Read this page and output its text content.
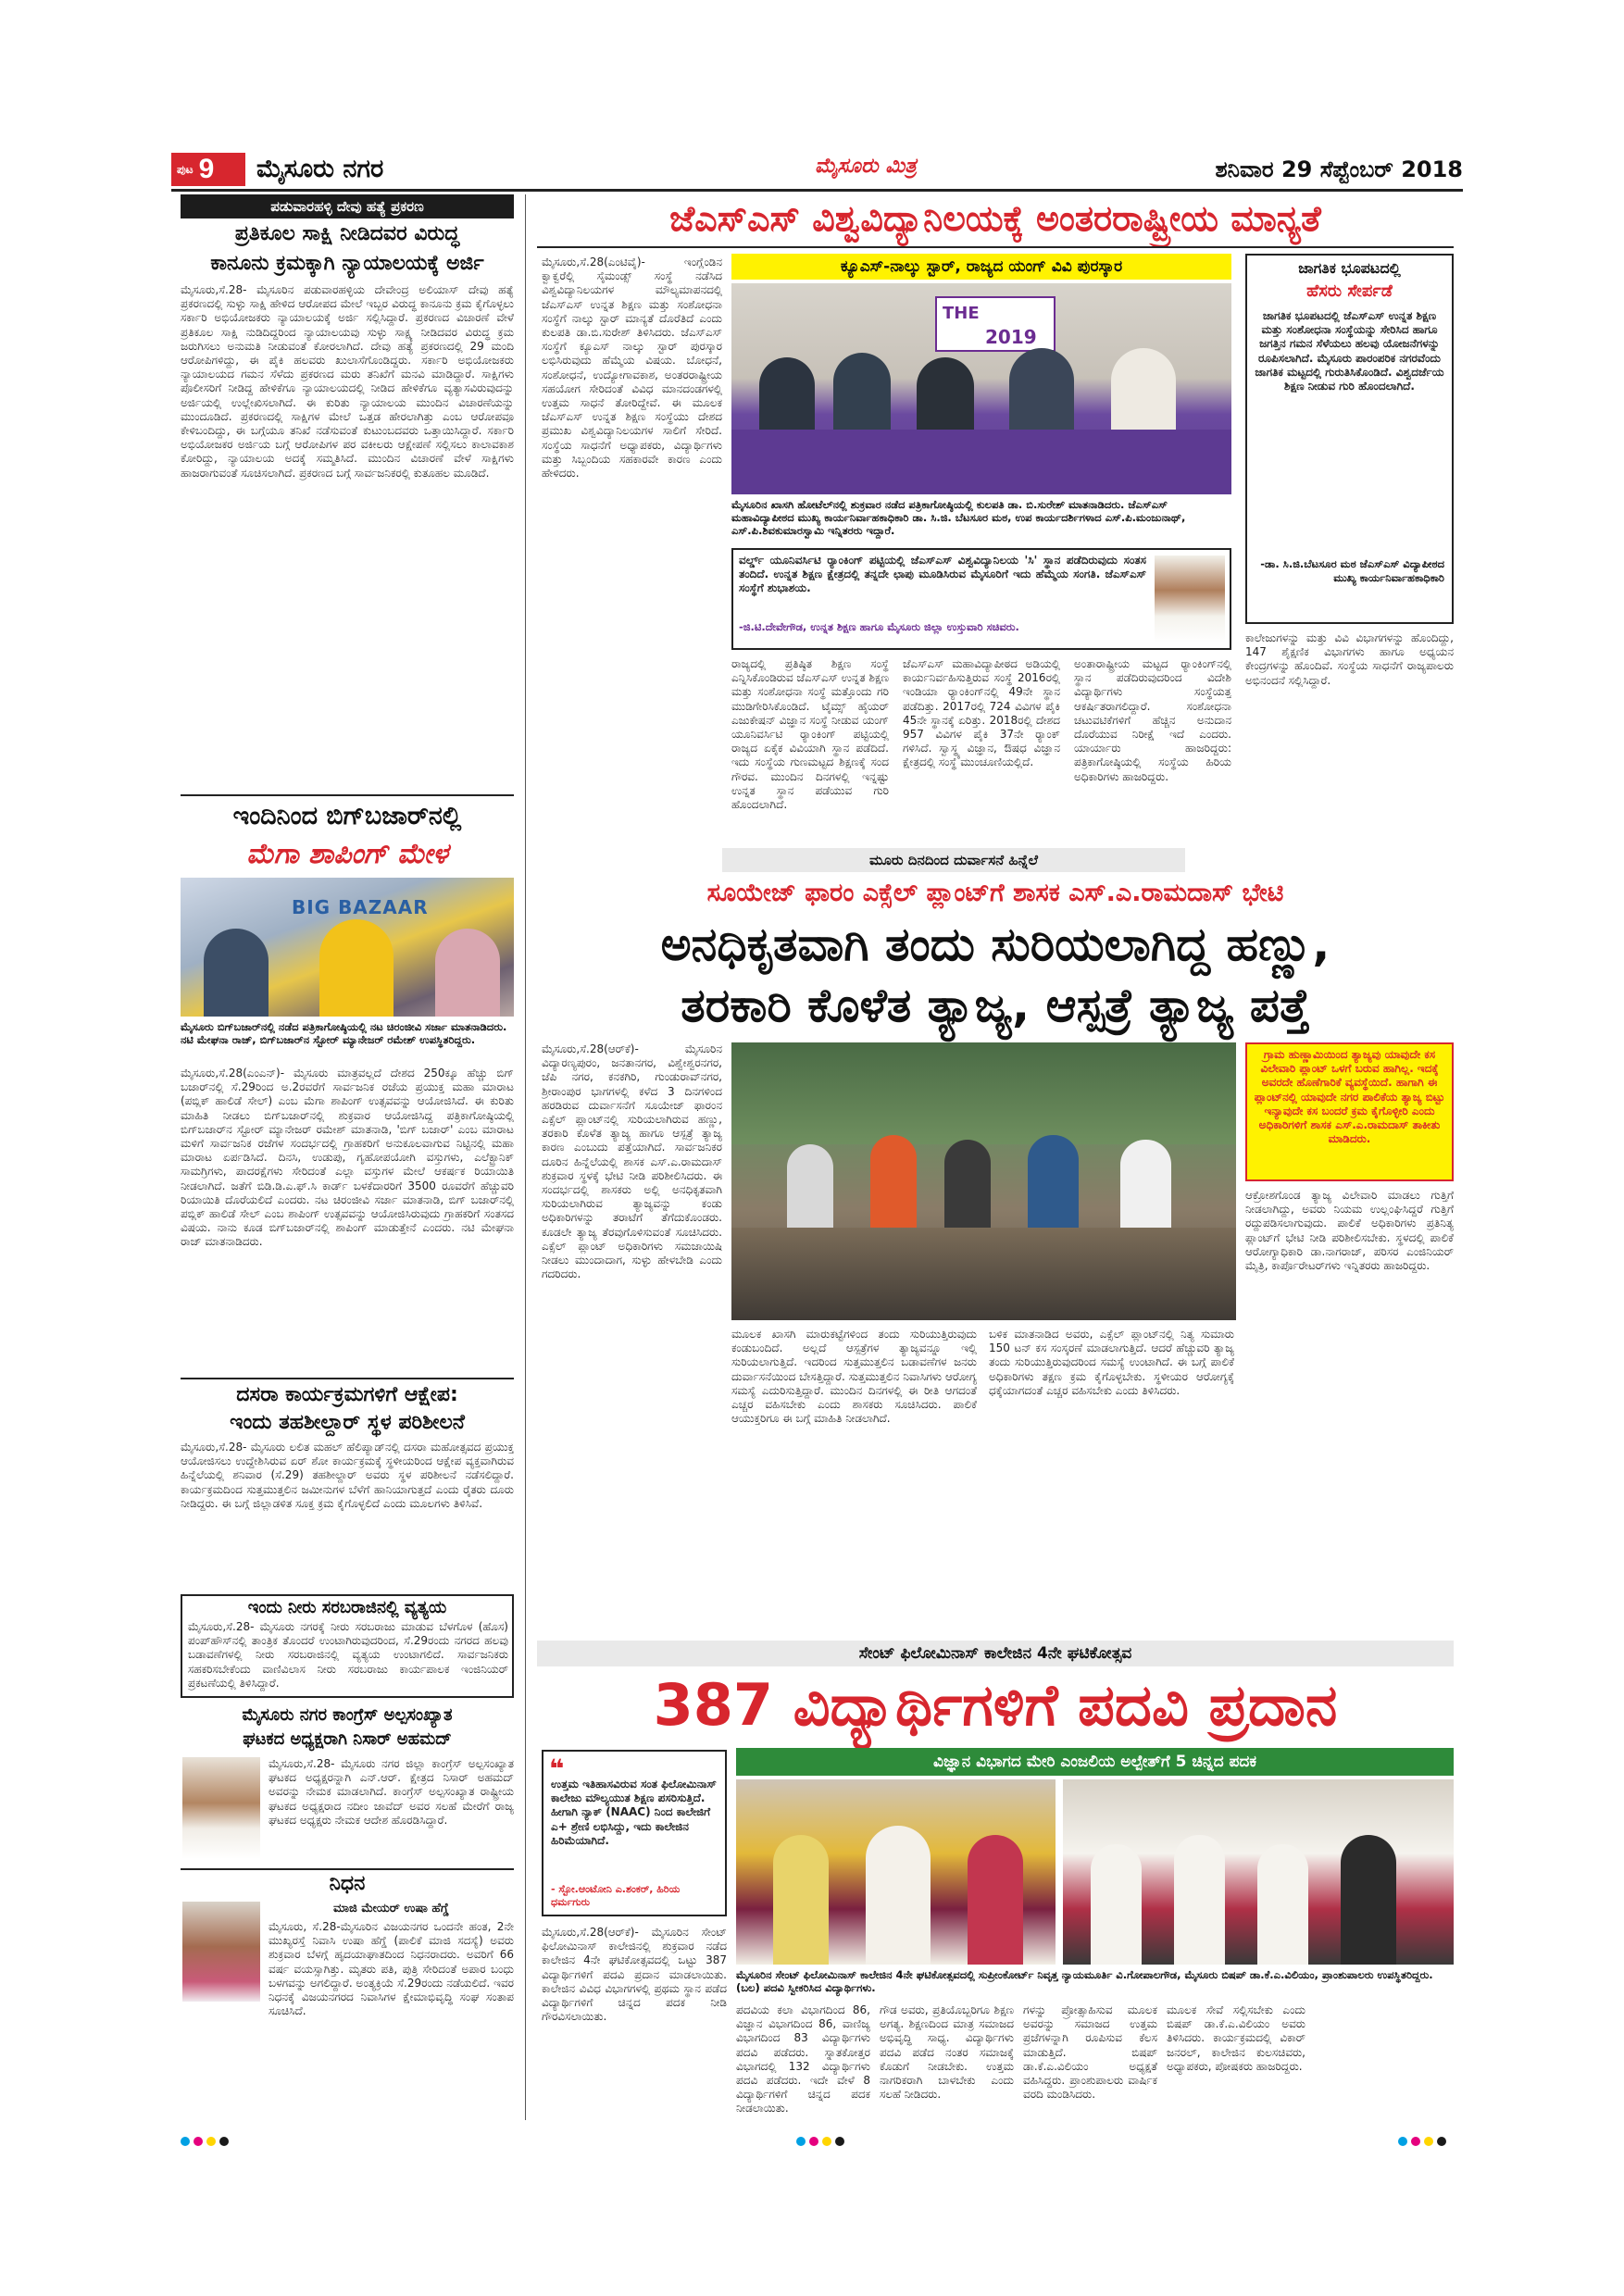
ಪುಟ 9 ಮೈಸೂರು ನಗರ	ಮೈಸೂರು ಮಿತ್ರ	ಶನಿವಾರ 29 ಸೆಪ್ಟೆಂಬರ್ 2018
ಪಡುವಾರಹಳ್ಳಿ ದೇವು ಹತ್ಯೆ ಪ್ರಕರಣ
ಪ್ರತಿಕೂಲ ಸಾಕ್ಷಿ ನೀಡಿದವರ ವಿರುದ್ಧ
ಕಾನೂನು ಕ್ರಮಕ್ಕಾಗಿ ನ್ಯಾಯಾಲಯಕ್ಕೆ ಅರ್ಜಿ
ಮೈಸೂರು,ಸೆ.28- ಮೈಸೂರಿನ ಪಡುವಾರಹಳ್ಳಿಯ ದೇವೇಂದ್ರ ಅಲಿಯಾಸ್ ದೇವು ಹತ್ಯೆ ಪ್ರಕರಣದಲ್ಲಿ ಸುಳ್ಳು ಸಾಕ್ಷಿ ಹೇಳಿದ ಆರೋಪದ ಮೇಲೆ ಇಬ್ಬರ ವಿರುದ್ಧ ಕಾನೂನು ಕ್ರಮ ಕೈಗೊಳ್ಳಲು ಸರ್ಕಾರಿ ಅಭಿಯೋಜಕರು ನ್ಯಾಯಾಲಯಕ್ಕೆ ಅರ್ಜಿ ಸಲ್ಲಿಸಿದ್ದಾರೆ. ಪ್ರಕರಣದ ವಿಚಾರಣೆ ವೇಳೆ ಪ್ರತಿಕೂಲ ಸಾಕ್ಷಿ ನುಡಿದಿದ್ದರಿಂದ ನ್ಯಾಯಾಲಯವು ಸುಳ್ಳು ಸಾಕ್ಷ್ಯ ನೀಡಿದವರ ವಿರುದ್ಧ ಕ್ರಮ ಜರುಗಿಸಲು ಅನುಮತಿ ನೀಡುವಂತೆ ಕೋರಲಾಗಿದೆ. ದೇವು ಹತ್ಯೆ ಪ್ರಕರಣದಲ್ಲಿ 29 ಮಂದಿ ಆರೋಪಿಗಳಿದ್ದು, ಈ ಪೈಕಿ ಹಲವರು ಖುಲಾಸೆಗೊಂಡಿದ್ದರು. ಸರ್ಕಾರಿ ಅಭಿಯೋಜಕರು ನ್ಯಾಯಾಲಯದ ಗಮನ ಸೆಳೆದು ಪ್ರಕರಣದ ಮರು ತನಿಖೆಗೆ ಮನವಿ ಮಾಡಿದ್ದಾರೆ. ಸಾಕ್ಷಿಗಳು ಪೊಲೀಸರಿಗೆ ನೀಡಿದ್ದ ಹೇಳಿಕೆಗೂ ನ್ಯಾಯಾಲಯದಲ್ಲಿ ನೀಡಿದ ಹೇಳಿಕೆಗೂ ವ್ಯತ್ಯಾಸವಿರುವುದನ್ನು ಅರ್ಜಿಯಲ್ಲಿ ಉಲ್ಲೇಖಿಸಲಾಗಿದೆ. ಈ ಕುರಿತು ನ್ಯಾಯಾಲಯ ಮುಂದಿನ ವಿಚಾರಣೆಯನ್ನು ಮುಂದೂಡಿದೆ. ಪ್ರಕರಣದಲ್ಲಿ ಸಾಕ್ಷಿಗಳ ಮೇಲೆ ಒತ್ತಡ ಹೇರಲಾಗಿತ್ತು ಎಂಬ ಆರೋಪವೂ ಕೇಳಿಬಂದಿದ್ದು, ಈ ಬಗ್ಗೆಯೂ ತನಿಖೆ ನಡೆಸುವಂತೆ ಕುಟುಂಬದವರು ಒತ್ತಾಯಿಸಿದ್ದಾರೆ. ಸರ್ಕಾರಿ ಅಭಿಯೋಜಕರ ಅರ್ಜಿಯ ಬಗ್ಗೆ ಆರೋಪಿಗಳ ಪರ ವಕೀಲರು ಆಕ್ಷೇಪಣೆ ಸಲ್ಲಿಸಲು ಕಾಲಾವಕಾಶ ಕೋರಿದ್ದು, ನ್ಯಾಯಾಲಯ ಅದಕ್ಕೆ ಸಮ್ಮತಿಸಿದೆ. ಮುಂದಿನ ವಿಚಾರಣೆ ವೇಳೆ ಸಾಕ್ಷಿಗಳು ಹಾಜರಾಗುವಂತೆ ಸೂಚಿಸಲಾಗಿದೆ. ಪ್ರಕರಣದ ಬಗ್ಗೆ ಸಾರ್ವಜನಿಕರಲ್ಲಿ ಕುತೂಹಲ ಮೂಡಿದೆ.
ಇಂದಿನಿಂದ ಬಿಗ್‌ಬಜಾರ್‌ನಲ್ಲಿ
ಮೆಗಾ ಶಾಪಿಂಗ್ ಮೇಳ
BIG BAZAAR
ಮೈಸೂರು ಬಿಗ್‌ಬಜಾರ್‌ನಲ್ಲಿ ನಡೆದ ಪತ್ರಿಕಾಗೋಷ್ಠಿಯಲ್ಲಿ ನಟ ಚಿರಂಜೀವಿ ಸರ್ಜಾ ಮಾತನಾಡಿದರು. ನಟಿ ಮೇಘನಾ ರಾಜ್, ಬಿಗ್‌ಬಜಾರ್‌ನ ಸ್ಟೋರ್ ಮ್ಯಾನೇಜರ್ ರಮೇಶ್ ಉಪಸ್ಥಿತರಿದ್ದರು.
ಮೈಸೂರು,ಸೆ.28(ಎಂಎನ್‌)- ಮೈಸೂರು ಮಾತ್ರವಲ್ಲದೆ ದೇಶದ 250ಕ್ಕೂ ಹೆಚ್ಚು ಬಿಗ್ ಬಜಾರ್‌ನಲ್ಲಿ ಸೆ.29ರಿಂದ ಅ.2ರವರೆಗೆ ಸಾರ್ವಜನಿಕ ರಜೆಯ ಪ್ರಯುಕ್ತ ಮಹಾ ಮಾರಾಟ (ಪಬ್ಲಿಕ್ ಹಾಲಿಡೆ ಸೇಲ್) ಎಂಬ ಮೆಗಾ ಶಾಪಿಂಗ್ ಉತ್ಸವವನ್ನು ಆಯೋಜಿಸಿದೆ. ಈ ಕುರಿತು ಮಾಹಿತಿ ನೀಡಲು ಬಿಗ್‌ಬಜಾರ್‌ನಲ್ಲಿ ಶುಕ್ರವಾರ ಆಯೋಜಿಸಿದ್ದ ಪತ್ರಿಕಾಗೋಷ್ಠಿಯಲ್ಲಿ ಬಿಗ್‌ಬಜಾರ್‌ನ ಸ್ಟೋರ್ ಮ್ಯಾನೇಜರ್ ರಮೇಶ್ ಮಾತನಾಡಿ, 'ಬಿಗ್ ಬಜಾರ್' ಎಂಬ ಮಾರಾಟ ಮಳಿಗೆ ಸಾರ್ವಜನಿಕ ರಜೆಗಳ ಸಂದರ್ಭದಲ್ಲಿ ಗ್ರಾಹಕರಿಗೆ ಅನುಕೂಲವಾಗುವ ನಿಟ್ಟಿನಲ್ಲಿ ಮಹಾ ಮಾರಾಟ ಏರ್ಪಡಿಸಿದೆ. ದಿನಸಿ, ಉಡುಪು, ಗೃಹೋಪಯೋಗಿ ವಸ್ತುಗಳು, ಎಲೆಕ್ಟ್ರಾನಿಕ್ ಸಾಮಗ್ರಿಗಳು, ಪಾದರಕ್ಷೆಗಳು ಸೇರಿದಂತೆ ಎಲ್ಲಾ ವಸ್ತುಗಳ ಮೇಲೆ ಆಕರ್ಷಕ ರಿಯಾಯಿತಿ ನೀಡಲಾಗಿದೆ. ಜತೆಗೆ ಬಿಡಿ.ಡಿ.ಎ.ಫ್.ಸಿ ಕಾರ್ಡ್ ಬಳಕೆದಾರರಿಗೆ 3500 ರೂವರೆಗೆ ಹೆಚ್ಚುವರಿ ರಿಯಾಯಿತಿ ದೊರೆಯಲಿದೆ ಎಂದರು. ನಟ ಚಿರಂಜೀವಿ ಸರ್ಜಾ ಮಾತನಾಡಿ, ಬಿಗ್ ಬಜಾರ್‌ನಲ್ಲಿ ಪಬ್ಲಿಕ್ ಹಾಲಿಡೆ ಸೇಲ್ ಎಂಬ ಶಾಪಿಂಗ್ ಉತ್ಸವವನ್ನು ಆಯೋಜಿಸಿರುವುದು ಗ್ರಾಹಕರಿಗೆ ಸಂತಸದ ವಿಷಯ. ನಾನು ಕೂಡ ಬಿಗ್‌ಬಜಾರ್‌ನಲ್ಲಿ ಶಾಪಿಂಗ್ ಮಾಡುತ್ತೇನೆ ಎಂದರು. ನಟಿ ಮೇಘನಾ ರಾಜ್ ಮಾತನಾಡಿದರು.
ದಸರಾ ಕಾರ್ಯಕ್ರಮಗಳಿಗೆ ಆಕ್ಷೇಪ:
ಇಂದು ತಹಶೀಲ್ದಾರ್ ಸ್ಥಳ ಪರಿಶೀಲನೆ
ಮೈಸೂರು,ಸೆ.28- ಮೈಸೂರು ಲಲಿತ ಮಹಲ್ ಹೆಲಿಪ್ಯಾಡ್‌ನಲ್ಲಿ ದಸರಾ ಮಹೋತ್ಸವದ ಪ್ರಯುಕ್ತ ಆಯೋಜಿಸಲು ಉದ್ದೇಶಿಸಿರುವ ಏರ್ ಶೋ ಕಾರ್ಯಕ್ರಮಕ್ಕೆ ಸ್ಥಳೀಯರಿಂದ ಆಕ್ಷೇಪ ವ್ಯಕ್ತವಾಗಿರುವ ಹಿನ್ನೆಲೆಯಲ್ಲಿ ಶನಿವಾರ (ಸೆ.29) ತಹಶೀಲ್ದಾರ್ ಅವರು ಸ್ಥಳ ಪರಿಶೀಲನೆ ನಡೆಸಲಿದ್ದಾರೆ. ಕಾರ್ಯಕ್ರಮದಿಂದ ಸುತ್ತಮುತ್ತಲಿನ ಜಮೀನುಗಳ ಬೆಳೆಗೆ ಹಾನಿಯಾಗುತ್ತದೆ ಎಂದು ರೈತರು ದೂರು ನೀಡಿದ್ದರು. ಈ ಬಗ್ಗೆ ಜಿಲ್ಲಾಡಳಿತ ಸೂಕ್ತ ಕ್ರಮ ಕೈಗೊಳ್ಳಲಿದೆ ಎಂದು ಮೂಲಗಳು ತಿಳಿಸಿವೆ.
ಇಂದು ನೀರು ಸರಬರಾಜಿನಲ್ಲಿ ವ್ಯತ್ಯಯ
ಮೈಸೂರು,ಸೆ.28- ಮೈಸೂರು ನಗರಕ್ಕೆ ನೀರು ಸರಬರಾಜು ಮಾಡುವ ಬೆಳಗೊಳ (ಹೊಸ) ಪಂಪ್‌ಹೌಸ್‌ನಲ್ಲಿ ತಾಂತ್ರಿಕ ತೊಂದರೆ ಉಂಟಾಗಿರುವುದರಿಂದ, ಸೆ.29ರಂದು ನಗರದ ಹಲವು ಬಡಾವಣೆಗಳಲ್ಲಿ ನೀರು ಸರಬರಾಜಿನಲ್ಲಿ ವ್ಯತ್ಯಯ ಉಂಟಾಗಲಿದೆ. ಸಾರ್ವಜನಿಕರು ಸಹಕರಿಸಬೇಕೆಂದು ವಾಣಿವಿಲಾಸ ನೀರು ಸರಬರಾಜು ಕಾರ್ಯಪಾಲಕ ಇಂಜಿನಿಯರ್ ಪ್ರಕಟಣೆಯಲ್ಲಿ ತಿಳಿಸಿದ್ದಾರೆ.
ಮೈಸೂರು ನಗರ ಕಾಂಗ್ರೆಸ್ ಅಲ್ಪಸಂಖ್ಯಾತ
ಘಟಕದ ಅಧ್ಯಕ್ಷರಾಗಿ ನಿಸಾರ್ ಅಹಮದ್
ಮೈಸೂರು,ಸೆ.28- ಮೈಸೂರು ನಗರ ಜಿಲ್ಲಾ ಕಾಂಗ್ರೆಸ್ ಅಲ್ಪಸಂಖ್ಯಾತ ಘಟಕದ ಅಧ್ಯಕ್ಷರನ್ನಾಗಿ ಎನ್.ಆರ್. ಕ್ಷೇತ್ರದ ನಿಸಾರ್ ಅಹಮದ್ ಅವರನ್ನು ನೇಮಕ ಮಾಡಲಾಗಿದೆ. ಕಾಂಗ್ರೆಸ್ ಅಲ್ಪಸಂಖ್ಯಾತ ರಾಷ್ಟ್ರೀಯ ಘಟಕದ ಅಧ್ಯಕ್ಷರಾದ ನದೀಂ ಜಾವೆದ್ ಅವರ ಸಲಹೆ ಮೇರೆಗೆ ರಾಜ್ಯ ಘಟಕದ ಅಧ್ಯಕ್ಷರು ನೇಮಕ ಆದೇಶ ಹೊರಡಿಸಿದ್ದಾರೆ.
ನಿಧನ
ಮಾಜಿ ಮೇಯರ್ ಉಷಾ ಹೆಗ್ಡೆ
ಮೈಸೂರು, ಸೆ.28-ಮೈಸೂರಿನ ವಿಜಯನಗರ ಒಂದನೇ ಹಂತ, 2ನೇ ಮುಖ್ಯರಸ್ತೆ ನಿವಾಸಿ ಉಷಾ ಹೆಗ್ಡೆ (ಪಾಲಿಕೆ ಮಾಜಿ ಸದಸ್ಯೆ) ಅವರು ಶುಕ್ರವಾರ ಬೆಳಗ್ಗೆ ಹೃದಯಾಘಾತದಿಂದ ನಿಧನರಾದರು. ಅವರಿಗೆ 66 ವರ್ಷ ವಯಸ್ಸಾಗಿತ್ತು. ಮೃತರು ಪತಿ, ಪುತ್ರಿ ಸೇರಿದಂತೆ ಅಪಾರ ಬಂಧು ಬಳಗವನ್ನು ಅಗಲಿದ್ದಾರೆ. ಅಂತ್ಯಕ್ರಿಯೆ ಸೆ.29ರಂದು ನಡೆಯಲಿದೆ. ಇವರ ನಿಧನಕ್ಕೆ ವಿಜಯನಗರದ ನಿವಾಸಿಗಳ ಕ್ಷೇಮಾಭಿವೃದ್ಧಿ ಸಂಘ ಸಂತಾಪ ಸೂಚಿಸಿದೆ.
ಜೆಎಸ್‌ಎಸ್ ವಿಶ್ವವಿದ್ಯಾನಿಲಯಕ್ಕೆ ಅಂತರರಾಷ್ಟ್ರೀಯ ಮಾನ್ಯತೆ
ಕ್ಯೂಎಸ್-ನಾಲ್ಕು ಸ್ಟಾರ್, ರಾಜ್ಯದ ಯಂಗ್ ವಿವಿ ಪುರಸ್ಕಾರ
THE
2019
ಮೈಸೂರಿನ ಖಾಸಗಿ ಹೋಟೆಲ್‌ನಲ್ಲಿ ಶುಕ್ರವಾರ ನಡೆದ ಪತ್ರಿಕಾಗೋಷ್ಠಿಯಲ್ಲಿ ಕುಲಪತಿ ಡಾ. ಬಿ.ಸುರೇಶ್ ಮಾತನಾಡಿದರು. ಜೆಎಸ್‌ಎಸ್ ಮಹಾವಿದ್ಯಾಪೀಠದ ಮುಖ್ಯ ಕಾರ್ಯನಿರ್ವಾಹಕಾಧಿಕಾರಿ ಡಾ. ಸಿ.ಜಿ. ಬೆಟಸೂರ ಮಠ, ಉಪ ಕಾರ್ಯದರ್ಶಿಗಳಾದ ಎಸ್.ಪಿ.ಮಂಜುನಾಥ್, ಎಸ್.ಪಿ.ಶಿವಕುಮಾರಸ್ವಾಮಿ ಇನ್ನಿತರರು ಇದ್ದಾರೆ.
ಮೈಸೂರು,ಸೆ.28(ಎಂಟಿವೈ)- ಇಂಗ್ಲೆಂಡಿನ ಕ್ವಾಕ್ವರೆಲ್ಲಿ ಸೈಮಂಡ್ಸ್ ಸಂಸ್ಥೆ ನಡೆಸಿದ ವಿಶ್ವವಿದ್ಯಾನಿಲಯಗಳ ಮೌಲ್ಯಮಾಪನದಲ್ಲಿ ಜೆಎಸ್‌ಎಸ್ ಉನ್ನತ ಶಿಕ್ಷಣ ಮತ್ತು ಸಂಶೋಧನಾ ಸಂಸ್ಥೆಗೆ ನಾಲ್ಕು ಸ್ಟಾರ್ ಮಾನ್ಯತೆ ದೊರೆತಿದೆ ಎಂದು ಕುಲಪತಿ ಡಾ.ಬಿ.ಸುರೇಶ್ ತಿಳಿಸಿದರು. ಜೆಎಸ್‌ಎಸ್ ಸಂಸ್ಥೆಗೆ ಕ್ಯೂಎಸ್ ನಾಲ್ಕು ಸ್ಟಾರ್ ಪುರಸ್ಕಾರ ಲಭಿಸಿರುವುದು ಹೆಮ್ಮೆಯ ವಿಷಯ. ಬೋಧನೆ, ಸಂಶೋಧನೆ, ಉದ್ಯೋಗಾವಕಾಶ, ಅಂತರರಾಷ್ಟ್ರೀಯ ಸಹಯೋಗ ಸೇರಿದಂತೆ ವಿವಿಧ ಮಾನದಂಡಗಳಲ್ಲಿ ಉತ್ತಮ ಸಾಧನೆ ತೋರಿದ್ದೇವೆ. ಈ ಮೂಲಕ ಜೆಎಸ್‌ಎಸ್ ಉನ್ನತ ಶಿಕ್ಷಣ ಸಂಸ್ಥೆಯು ದೇಶದ ಪ್ರಮುಖ ವಿಶ್ವವಿದ್ಯಾನಿಲಯಗಳ ಸಾಲಿಗೆ ಸೇರಿದೆ. ಸಂಸ್ಥೆಯ ಸಾಧನೆಗೆ ಅಧ್ಯಾಪಕರು, ವಿದ್ಯಾರ್ಥಿಗಳು ಮತ್ತು ಸಿಬ್ಬಂದಿಯ ಸಹಕಾರವೇ ಕಾರಣ ಎಂದು ಹೇಳಿದರು.
ವರ್ಲ್ಡ್ ಯೂನಿವರ್ಸಿಟಿ ರ‍್ಯಾಂಕಿಂಗ್ ಪಟ್ಟಿಯಲ್ಲಿ ಜೆಎಸ್‌ಎಸ್ ವಿಶ್ವವಿದ್ಯಾನಿಲಯ 'ಸಿ' ಸ್ಥಾನ ಪಡೆದಿರುವುದು ಸಂತಸ ತಂದಿದೆ. ಉನ್ನತ ಶಿಕ್ಷಣ ಕ್ಷೇತ್ರದಲ್ಲಿ ತನ್ನದೇ ಛಾಪು ಮೂಡಿಸಿರುವ ಮೈಸೂರಿಗೆ ಇದು ಹೆಮ್ಮೆಯ ಸಂಗತಿ. ಜೆಎಸ್‌ಎಸ್ ಸಂಸ್ಥೆಗೆ ಶುಭಾಶಯ.
-ಜಿ.ಟಿ.ದೇವೇಗೌಡ, ಉನ್ನತ ಶಿಕ್ಷಣ ಹಾಗೂ ಮೈಸೂರು ಜಿಲ್ಲಾ ಉಸ್ತುವಾರಿ ಸಚಿವರು.
ರಾಜ್ಯದಲ್ಲಿ ಪ್ರತಿಷ್ಠಿತ ಶಿಕ್ಷಣ ಸಂಸ್ಥೆ ಎನ್ನಿಸಿಕೊಂಡಿರುವ ಜೆಎಸ್‌ಎಸ್ ಉನ್ನತ ಶಿಕ್ಷಣ ಮತ್ತು ಸಂಶೋಧನಾ ಸಂಸ್ಥೆ ಮತ್ತೊಂದು ಗರಿ ಮುಡಿಗೇರಿಸಿಕೊಂಡಿದೆ. ಟೈಮ್ಸ್ ಹೈಯರ್ ಎಜುಕೇಷನ್ ವಿಜ್ಞಾನ ಸಂಸ್ಥೆ ನೀಡುವ ಯಂಗ್ ಯೂನಿವರ್ಸಿಟಿ ರ‍್ಯಾಂಕಿಂಗ್ ಪಟ್ಟಿಯಲ್ಲಿ ರಾಜ್ಯದ ಏಕೈಕ ವಿವಿಯಾಗಿ ಸ್ಥಾನ ಪಡೆದಿದೆ. ಇದು ಸಂಸ್ಥೆಯ ಗುಣಮಟ್ಟದ ಶಿಕ್ಷಣಕ್ಕೆ ಸಂದ ಗೌರವ. ಮುಂದಿನ ದಿನಗಳಲ್ಲಿ ಇನ್ನಷ್ಟು ಉನ್ನತ ಸ್ಥಾನ ಪಡೆಯುವ ಗುರಿ ಹೊಂದಲಾಗಿದೆ.
ಜೆಎಸ್‌ಎಸ್ ಮಹಾವಿದ್ಯಾಪೀಠದ ಅಡಿಯಲ್ಲಿ ಕಾರ್ಯನಿರ್ವಹಿಸುತ್ತಿರುವ ಸಂಸ್ಥೆ 2016ರಲ್ಲಿ ಇಂಡಿಯಾ ರ‍್ಯಾಂಕಿಂಗ್‌ನಲ್ಲಿ 49ನೇ ಸ್ಥಾನ ಪಡೆದಿತ್ತು. 2017ರಲ್ಲಿ 724 ವಿವಿಗಳ ಪೈಕಿ 45ನೇ ಸ್ಥಾನಕ್ಕೆ ಏರಿತ್ತು. 2018ರಲ್ಲಿ ದೇಶದ 957 ವಿವಿಗಳ ಪೈಕಿ 37ನೇ ರ‍್ಯಾಂಕ್ ಗಳಿಸಿದೆ. ಸ್ವಾಸ್ಥ್ಯ ವಿಜ್ಞಾನ, ಔಷಧ ವಿಜ್ಞಾನ ಕ್ಷೇತ್ರದಲ್ಲಿ ಸಂಸ್ಥೆ ಮುಂಚೂಣಿಯಲ್ಲಿದೆ.
ಅಂತಾರಾಷ್ಟ್ರೀಯ ಮಟ್ಟದ ರ‍್ಯಾಂಕಿಂಗ್‌ನಲ್ಲಿ ಸ್ಥಾನ ಪಡೆದಿರುವುದರಿಂದ ವಿದೇಶಿ ವಿದ್ಯಾರ್ಥಿಗಳು ಸಂಸ್ಥೆಯತ್ತ ಆಕರ್ಷಿತರಾಗಲಿದ್ದಾರೆ. ಸಂಶೋಧನಾ ಚಟುವಟಿಕೆಗಳಿಗೆ ಹೆಚ್ಚಿನ ಅನುದಾನ ದೊರೆಯುವ ನಿರೀಕ್ಷೆ ಇದೆ ಎಂದರು. ಯಾರ್ಯಾರು ಹಾಜರಿದ್ದರು: ಪತ್ರಿಕಾಗೋಷ್ಠಿಯಲ್ಲಿ ಸಂಸ್ಥೆಯ ಹಿರಿಯ ಅಧಿಕಾರಿಗಳು ಹಾಜರಿದ್ದರು.
ಜಾಗತಿಕ ಭೂಪಟದಲ್ಲಿ
ಹೆಸರು ಸೇರ್ಪಡೆ
ಜಾಗತಿಕ ಭೂಪಟದಲ್ಲಿ ಜೆಎಸ್‌ಎಸ್ ಉನ್ನತ ಶಿಕ್ಷಣ ಮತ್ತು ಸಂಶೋಧನಾ ಸಂಸ್ಥೆಯನ್ನು ಸೇರಿಸಿದ ಹಾಗೂ ಜಗತ್ತಿನ ಗಮನ ಸೆಳೆಯಲು ಹಲವು ಯೋಜನೆಗಳನ್ನು ರೂಪಿಸಲಾಗಿದೆ. ಮೈಸೂರು ಪಾರಂಪರಿಕ ನಗರವೆಂದು ಜಾಗತಿಕ ಮಟ್ಟದಲ್ಲಿ ಗುರುತಿಸಿಕೊಂಡಿದೆ. ವಿಶ್ವದರ್ಜೆಯ ಶಿಕ್ಷಣ ನೀಡುವ ಗುರಿ ಹೊಂದಲಾಗಿದೆ.
-ಡಾ. ಸಿ.ಜಿ.ಬೆಟಸೂರ ಮಠ ಜೆಎಸ್‌ಎಸ್ ವಿದ್ಯಾಪೀಠದ ಮುಖ್ಯ ಕಾರ್ಯನಿರ್ವಾಹಕಾಧಿಕಾರಿ
ಕಾಲೇಜುಗಳನ್ನು ಮತ್ತು ವಿವಿ ವಿಭಾಗಗಳನ್ನು ಹೊಂದಿದ್ದು, 147 ಶೈಕ್ಷಣಿಕ ವಿಭಾಗಗಳು ಹಾಗೂ ಅಧ್ಯಯನ ಕೇಂದ್ರಗಳನ್ನು ಹೊಂದಿವೆ. ಸಂಸ್ಥೆಯ ಸಾಧನೆಗೆ ರಾಜ್ಯಪಾಲರು ಅಭಿನಂದನೆ ಸಲ್ಲಿಸಿದ್ದಾರೆ.
ಮೂರು ದಿನದಿಂದ ದುರ್ವಾಸನೆ ಹಿನ್ನೆಲೆ
ಸೂಯೇಜ್ ಫಾರಂ ಎಕ್ಸೆಲ್ ಪ್ಲಾಂಟ್‌ಗೆ ಶಾಸಕ ಎಸ್.ಎ.ರಾಮದಾಸ್ ಭೇಟಿ
ಅನಧಿಕೃತವಾಗಿ ತಂದು ಸುರಿಯಲಾಗಿದ್ದ ಹಣ್ಣು,
ತರಕಾರಿ ಕೊಳೆತ ತ್ಯಾಜ್ಯ, ಆಸ್ಪತ್ರೆ ತ್ಯಾಜ್ಯ ಪತ್ತೆ
ಮೈಸೂರು,ಸೆ.28(ಆರ್‌ಕೆ)- ಮೈಸೂರಿನ ವಿದ್ಯಾರಣ್ಯಪುರಂ, ಜನತಾನಗರ, ವಿಶ್ವೇಶ್ವರನಗರ, ಜೆಪಿ ನಗರ, ಕನಕಗಿರಿ, ಗುಂಡುರಾವ್‌ನಗರ, ಶ್ರೀರಾಂಪುರ ಭಾಗಗಳಲ್ಲಿ ಕಳೆದ 3 ದಿನಗಳಿಂದ ಹರಡಿರುವ ದುರ್ವಾಸನೆಗೆ ಸೂಯೇಜ್ ಫಾರಂನ ಎಕ್ಸೆಲ್ ಪ್ಲಾಂಟ್‌ನಲ್ಲಿ ಸುರಿಯಲಾಗಿರುವ ಹಣ್ಣು, ತರಕಾರಿ ಕೊಳೆತ ತ್ಯಾಜ್ಯ ಹಾಗೂ ಆಸ್ಪತ್ರೆ ತ್ಯಾಜ್ಯ ಕಾರಣ ಎಂಬುದು ಪತ್ತೆಯಾಗಿದೆ. ಸಾರ್ವಜನಿಕರ ದೂರಿನ ಹಿನ್ನೆಲೆಯಲ್ಲಿ ಶಾಸಕ ಎಸ್.ಎ.ರಾಮದಾಸ್ ಶುಕ್ರವಾರ ಸ್ಥಳಕ್ಕೆ ಭೇಟಿ ನೀಡಿ ಪರಿಶೀಲಿಸಿದರು. ಈ ಸಂದರ್ಭದಲ್ಲಿ ಶಾಸಕರು ಅಲ್ಲಿ ಅನಧಿಕೃತವಾಗಿ ಸುರಿಯಲಾಗಿರುವ ತ್ಯಾಜ್ಯವನ್ನು ಕಂಡು ಅಧಿಕಾರಿಗಳನ್ನು ತರಾಟೆಗೆ ತೆಗೆದುಕೊಂಡರು. ಕೂಡಲೇ ತ್ಯಾಜ್ಯ ತೆರವುಗೊಳಿಸುವಂತೆ ಸೂಚಿಸಿದರು. ಎಕ್ಸೆಲ್ ಪ್ಲಾಂಟ್ ಅಧಿಕಾರಿಗಳು ಸಮಜಾಯಿಷಿ ನೀಡಲು ಮುಂದಾದಾಗ, ಸುಳ್ಳು ಹೇಳಬೇಡಿ ಎಂದು ಗದರಿದರು.
ಗ್ರಾಮ ಹುಣ್ಣಾಮಿಯಿಂದ ತ್ಯಾಜ್ಯವು ಯಾವುದೇ ಕಸ ವಿಲೇವಾರಿ ಪ್ಲಾಂಟ್ ಒಳಗೆ ಬರುವ ಹಾಗಿಲ್ಲ. ಇದಕ್ಕೆ ಅವರದೇ ಹೊಣೆಗಾರಿಕೆ ವ್ಯವಸ್ಥೆಯಿದೆ. ಹಾಗಾಗಿ ಈ ಪ್ಲಾಂಟ್‌ನಲ್ಲಿ ಯಾವುದೇ ನಗರ ಪಾಲಿಕೆಯ ತ್ಯಾಜ್ಯ ಬಿಟ್ಟು ಇನ್ಯಾವುದೇ ಕಸ ಬಂದರೆ ಕ್ರಮ ಕೈಗೊಳ್ಳೀರಿ ಎಂದು ಅಧಿಕಾರಿಗಳಿಗೆ ಶಾಸಕ ಎಸ್.ಎ.ರಾಮದಾಸ್ ತಾಕೀತು ಮಾಡಿದರು.
ಆಕ್ರೋಶಗೊಂಡ ತ್ಯಾಜ್ಯ ವಿಲೇವಾರಿ ಮಾಡಲು ಗುತ್ತಿಗೆ ನೀಡಲಾಗಿದ್ದು, ಅವರು ನಿಯಮ ಉಲ್ಲಂಘಿಸಿದ್ದರೆ ಗುತ್ತಿಗೆ ರದ್ದುಪಡಿಸಲಾಗುವುದು. ಪಾಲಿಕೆ ಅಧಿಕಾರಿಗಳು ಪ್ರತಿನಿತ್ಯ ಪ್ಲಾಂಟ್‌ಗೆ ಭೇಟಿ ನೀಡಿ ಪರಿಶೀಲಿಸಬೇಕು. ಸ್ಥಳದಲ್ಲಿ ಪಾಲಿಕೆ ಆರೋಗ್ಯಾಧಿಕಾರಿ ಡಾ.ನಾಗರಾಜ್, ಪರಿಸರ ಎಂಜಿನಿಯರ್ ಮೈತ್ರಿ, ಕಾರ್ಪೊರೇಟರ್‌ಗಳು ಇನ್ನಿತರರು ಹಾಜರಿದ್ದರು.
ಮೂಲಕ ಖಾಸಗಿ ಮಾರುಕಟ್ಟೆಗಳಿಂದ ತಂದು ಸುರಿಯುತ್ತಿರುವುದು ಕಂಡುಬಂದಿದೆ. ಅಲ್ಲದೆ ಆಸ್ಪತ್ರೆಗಳ ತ್ಯಾಜ್ಯವನ್ನೂ ಇಲ್ಲಿ ಸುರಿಯಲಾಗುತ್ತಿದೆ. ಇದರಿಂದ ಸುತ್ತಮುತ್ತಲಿನ ಬಡಾವಣೆಗಳ ಜನರು ದುರ್ವಾಸನೆಯಿಂದ ಬೇಸತ್ತಿದ್ದಾರೆ. ಸುತ್ತಮುತ್ತಲಿನ ನಿವಾಸಿಗಳು ಆರೋಗ್ಯ ಸಮಸ್ಯೆ ಎದುರಿಸುತ್ತಿದ್ದಾರೆ. ಮುಂದಿನ ದಿನಗಳಲ್ಲಿ ಈ ರೀತಿ ಆಗದಂತೆ ಎಚ್ಚರ ವಹಿಸಬೇಕು ಎಂದು ಶಾಸಕರು ಸೂಚಿಸಿದರು. ಪಾಲಿಕೆ ಆಯುಕ್ತರಿಗೂ ಈ ಬಗ್ಗೆ ಮಾಹಿತಿ ನೀಡಲಾಗಿದೆ.
ಬಳಿಕ ಮಾತನಾಡಿದ ಅವರು, ಎಕ್ಸೆಲ್ ಪ್ಲಾಂಟ್‌ನಲ್ಲಿ ನಿತ್ಯ ಸುಮಾರು 150 ಟನ್ ಕಸ ಸಂಸ್ಕರಣೆ ಮಾಡಲಾಗುತ್ತಿದೆ. ಆದರೆ ಹೆಚ್ಚುವರಿ ತ್ಯಾಜ್ಯ ತಂದು ಸುರಿಯುತ್ತಿರುವುದರಿಂದ ಸಮಸ್ಯೆ ಉಂಟಾಗಿದೆ. ಈ ಬಗ್ಗೆ ಪಾಲಿಕೆ ಅಧಿಕಾರಿಗಳು ತಕ್ಷಣ ಕ್ರಮ ಕೈಗೊಳ್ಳಬೇಕು. ಸ್ಥಳೀಯರ ಆರೋಗ್ಯಕ್ಕೆ ಧಕ್ಕೆಯಾಗದಂತೆ ಎಚ್ಚರ ವಹಿಸಬೇಕು ಎಂದು ತಿಳಿಸಿದರು.
ಸೇಂಟ್ ಫಿಲೋಮಿನಾಸ್ ಕಾಲೇಜಿನ 4ನೇ ಘಟಿಕೋತ್ಸವ
387 ವಿದ್ಯಾರ್ಥಿಗಳಿಗೆ ಪದವಿ ಪ್ರದಾನ
❝
ಉತ್ತಮ ಇತಿಹಾಸವಿರುವ ಸಂತ ಫಿಲೋಮಿನಾಸ್ ಕಾಲೇಜು ಮೌಲ್ಯಯುತ ಶಿಕ್ಷಣ ಪಸರಿಸುತ್ತಿದೆ. ಹೀಗಾಗಿ ನ್ಯಾಕ್ (NAAC) ನಿಂದ ಕಾಲೇಜಿಗೆ ಎ+ ಶ್ರೇಣಿ ಲಭಿಸಿದ್ದು, ಇದು ಕಾಲೇಜಿನ ಹಿರಿಮೆಯಾಗಿದೆ.
- ಸ್ಟೋ.ಆಂಟೋನಿ ಎ.ಶಂಕರ್, ಹಿರಿಯ ಧರ್ಮಗುರು
ವಿಜ್ಞಾನ ವಿಭಾಗದ ಮೇರಿ ಎಂಜಲಿಯ ಅಲ್ಪೇತ್‌ಗೆ 5 ಚಿನ್ನದ ಪದಕ
ಮೈಸೂರಿನ ಸೇಂಟ್ ಫಿಲೋಮಿನಾಸ್ ಕಾಲೇಜಿನ 4ನೇ ಘಟಿಕೋತ್ಸವದಲ್ಲಿ ಸುಪ್ರೀಂಕೋರ್ಟ್ ನಿವೃತ್ತ ನ್ಯಾಯಮೂರ್ತಿ ವಿ.ಗೋಪಾಲಗೌಡ, ಮೈಸೂರು ಬಿಷಪ್ ಡಾ.ಕೆ.ಎ.ವಿಲಿಯಂ, ಪ್ರಾಂಶುಪಾಲರು ಉಪಸ್ಥಿತರಿದ್ದರು. (ಬಲ) ಪದವಿ ಸ್ವೀಕರಿಸಿದ ವಿದ್ಯಾರ್ಥಿಗಳು.
ಮೈಸೂರು,ಸೆ.28(ಆರ್‌ಕೆ)- ಮೈಸೂರಿನ ಸೇಂಟ್ ಫಿಲೋಮಿನಾಸ್ ಕಾಲೇಜಿನಲ್ಲಿ ಶುಕ್ರವಾರ ನಡೆದ ಕಾಲೇಜಿನ 4ನೇ ಘಟಿಕೋತ್ಸವದಲ್ಲಿ ಒಟ್ಟು 387 ವಿದ್ಯಾರ್ಥಿಗಳಿಗೆ ಪದವಿ ಪ್ರದಾನ ಮಾಡಲಾಯಿತು. ಕಾಲೇಜಿನ ವಿವಿಧ ವಿಭಾಗಗಳಲ್ಲಿ ಪ್ರಥಮ ಸ್ಥಾನ ಪಡೆದ ವಿದ್ಯಾರ್ಥಿಗಳಿಗೆ ಚಿನ್ನದ ಪದಕ ನೀಡಿ ಗೌರವಿಸಲಾಯಿತು.
ಪದವಿಯ ಕಲಾ ವಿಭಾಗದಿಂದ 86, ವಿಜ್ಞಾನ ವಿಭಾಗದಿಂದ 86, ವಾಣಿಜ್ಯ ವಿಭಾಗದಿಂದ 83 ವಿದ್ಯಾರ್ಥಿಗಳು ಪದವಿ ಪಡೆದರು. ಸ್ನಾತಕೋತ್ತರ ವಿಭಾಗದಲ್ಲಿ 132 ವಿದ್ಯಾರ್ಥಿಗಳು ಪದವಿ ಪಡೆದರು. ಇದೇ ವೇಳೆ 8 ವಿದ್ಯಾರ್ಥಿಗಳಿಗೆ ಚಿನ್ನದ ಪದಕ ನೀಡಲಾಯಿತು.
ಗೌಡ ಅವರು, ಪ್ರತಿಯೊಬ್ಬರಿಗೂ ಶಿಕ್ಷಣ ಅಗತ್ಯ. ಶಿಕ್ಷಣದಿಂದ ಮಾತ್ರ ಸಮಾಜದ ಅಭಿವೃದ್ಧಿ ಸಾಧ್ಯ. ವಿದ್ಯಾರ್ಥಿಗಳು ಪದವಿ ಪಡೆದ ನಂತರ ಸಮಾಜಕ್ಕೆ ಕೊಡುಗೆ ನೀಡಬೇಕು. ಉತ್ತಮ ನಾಗರಿಕರಾಗಿ ಬಾಳಬೇಕು ಎಂದು ಸಲಹೆ ನೀಡಿದರು.
ಗಳನ್ನು ಪ್ರೋತ್ಸಾಹಿಸುವ ಮೂಲಕ ಅವರನ್ನು ಸಮಾಜದ ಉತ್ತಮ ಪ್ರಜೆಗಳನ್ನಾಗಿ ರೂಪಿಸುವ ಕೆಲಸ ಮಾಡುತ್ತಿದೆ. ಬಿಷಪ್ ಡಾ.ಕೆ.ಎ.ವಿಲಿಯಂ ಅಧ್ಯಕ್ಷತೆ ವಹಿಸಿದ್ದರು. ಪ್ರಾಂಶುಪಾಲರು ವಾರ್ಷಿಕ ವರದಿ ಮಂಡಿಸಿದರು.
ಮೂಲಕ ಸೇವೆ ಸಲ್ಲಿಸಬೇಕು ಎಂದು ಬಿಷಪ್ ಡಾ.ಕೆ.ಎ.ವಿಲಿಯಂ ಅವರು ತಿಳಿಸಿದರು. ಕಾರ್ಯಕ್ರಮದಲ್ಲಿ ವಿಕಾರ್ ಜನರಲ್, ಕಾಲೇಜಿನ ಕುಲಸಚಿವರು, ಅಧ್ಯಾಪಕರು, ಪೋಷಕರು ಹಾಜರಿದ್ದರು.
